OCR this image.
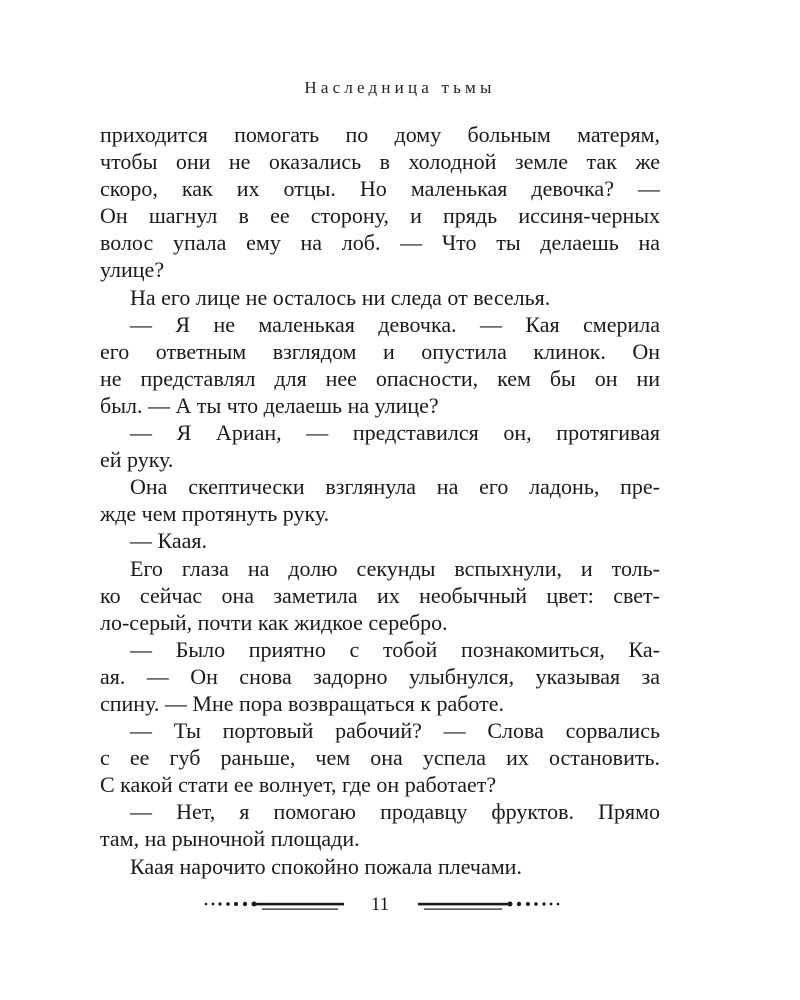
Наследница тьмы
приходится помогать по дому больным матерям,
чтобы они не оказались в холодной земле так же
скоро, как их отцы. Но маленькая девочка? —
Он шагнул в ее сторону, и прядь иссиня-черных
волос упала ему на лоб. — Что ты делаешь на
улице?
На его лице не осталось ни следа от веселья.
— Я не маленькая девочка. — Кая смерила
его ответным взглядом и опустила клинок. Он
не представлял для нее опасности, кем бы он ни
был. — А ты что делаешь на улице?
— Я Ариан, — представился он, протягивая
ей руку.
Она скептически взглянула на его ладонь, пре-
жде чем протянуть руку.
— Каая.
Его глаза на долю секунды вспыхнули, и толь-
ко сейчас она заметила их необычный цвет: свет-
ло-серый, почти как жидкое серебро.
— Было приятно с тобой познакомиться, Ка-
ая. — Он снова задорно улыбнулся, указывая за
спину. — Мне пора возвращаться к работе.
— Ты портовый рабочий? — Слова сорвались
с ее губ раньше, чем она успела их остановить.
С какой стати ее волнует, где он работает?
— Нет, я помогаю продавцу фруктов. Прямо
там, на рыночной площади.
Каая нарочито спокойно пожала плечами.
11
